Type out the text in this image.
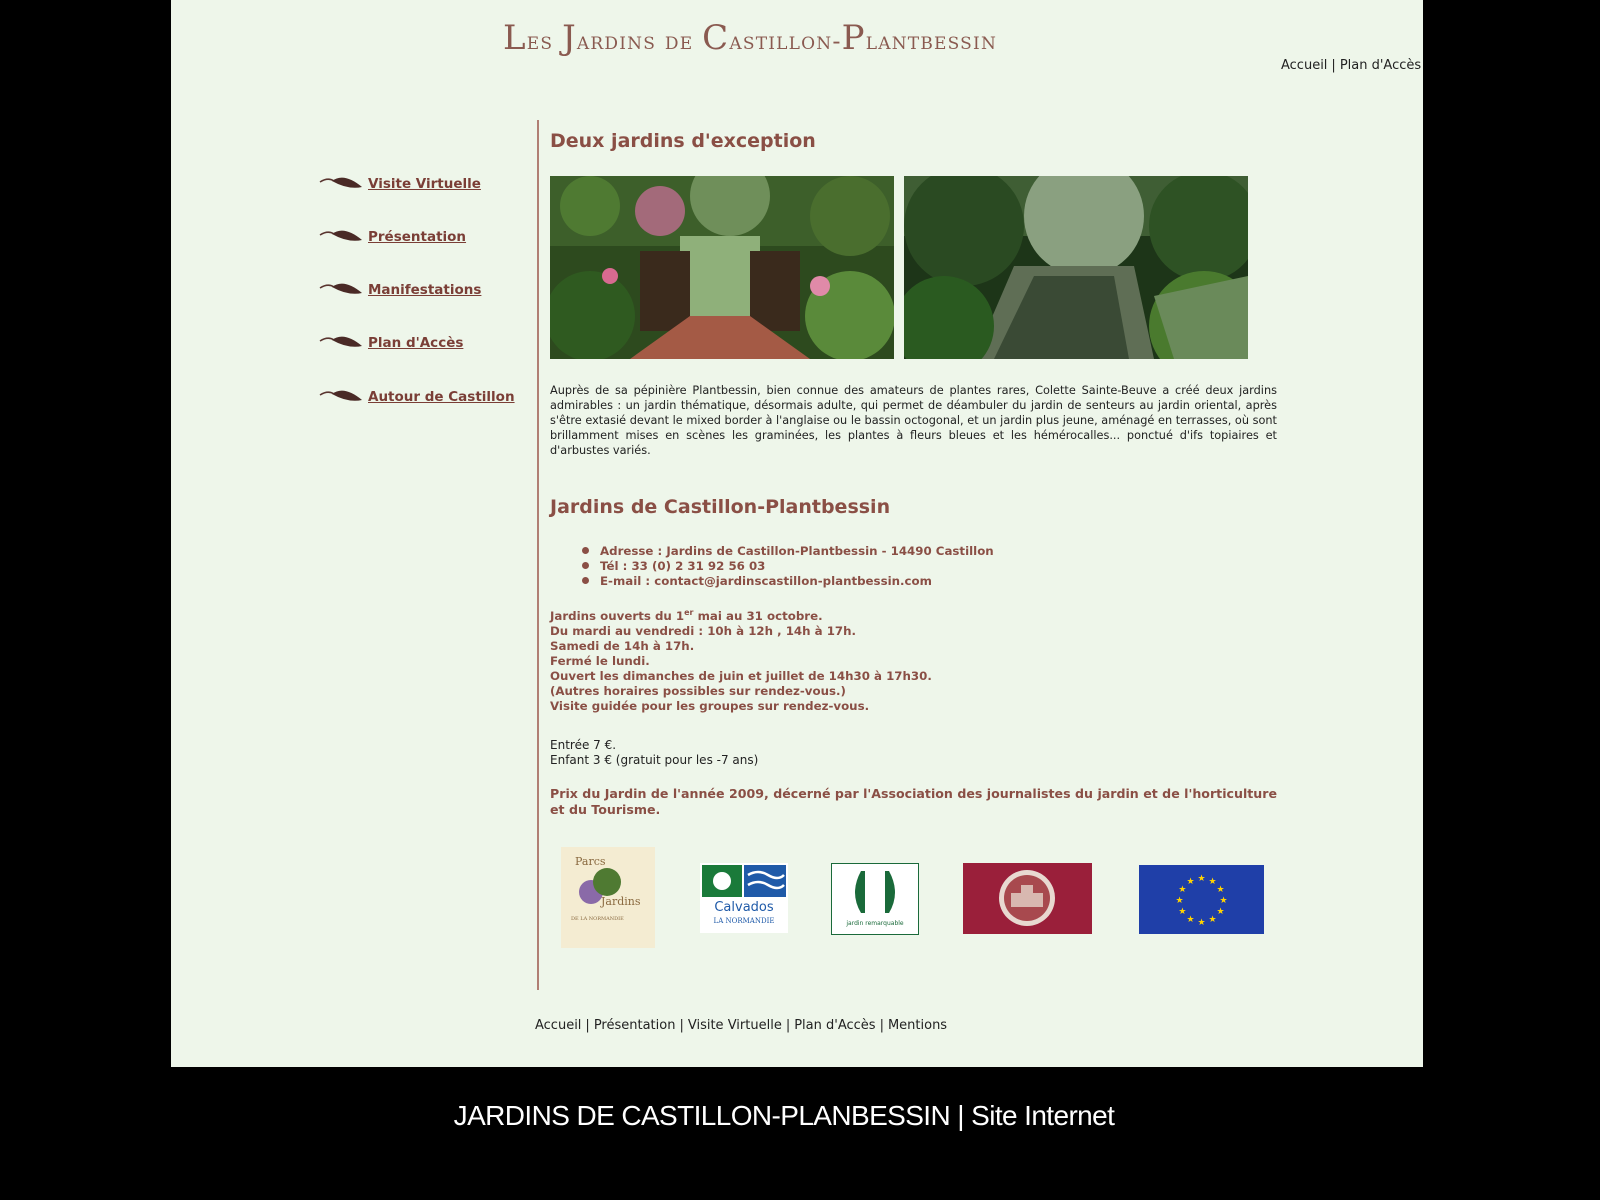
Les Jardins de Castillon-Plantbessin
Accueil | Plan d'Accès
Visite Virtuelle
Présentation
Manifestations
Plan d'Accès
Autour de Castillon
Deux jardins d'exception
Auprès de sa pépinière Plantbessin, bien connue des amateurs de plantes rares, Colette Sainte-Beuve a créé deux jardins admirables : un jardin thématique, désormais adulte, qui permet de déambuler du jardin de senteurs au jardin oriental, après s'être extasié devant le mixed border à l'anglaise ou le bassin octogonal, et un jardin plus jeune, aménagé en terrasses, où sont brillamment mises en scènes les graminées, les plantes à fleurs bleues et les hémérocalles... ponctué d'ifs topiaires et d'arbustes variés.
Jardins de Castillon-Plantbessin
Adresse : Jardins de Castillon-Plantbessin - 14490 Castillon
Tél : 33 (0) 2 31 92 56 03
E-mail : contact@jardinscastillon-plantbessin.com
Jardins ouverts du 1er mai au 31 octobre.
Du mardi au vendredi : 10h à 12h , 14h à 17h.
Samedi de 14h à 17h.
Fermé le lundi.
Ouvert les dimanches de juin et juillet de 14h30 à 17h30.
(Autres horaires possibles sur rendez-vous.)
Visite guidée pour les groupes sur rendez-vous.
Entrée 7 €.
Enfant 3 € (gratuit pour les -7 ans)
Prix du Jardin de l'année 2009, décerné par l'Association des journalistes du jardin et de l'horticulture et du Tourisme.
Parcs
Jardins
DE LA NORMANDIE
Calvados
LA NORMANDIE	jardin remarquable
★
★
★
★
★
★
★
★
★ ★ ★
★
Accueil | Présentation | Visite Virtuelle | Plan d'Accès | Mentions
JARDINS DE CASTILLON-PLANBESSIN | Site Internet
